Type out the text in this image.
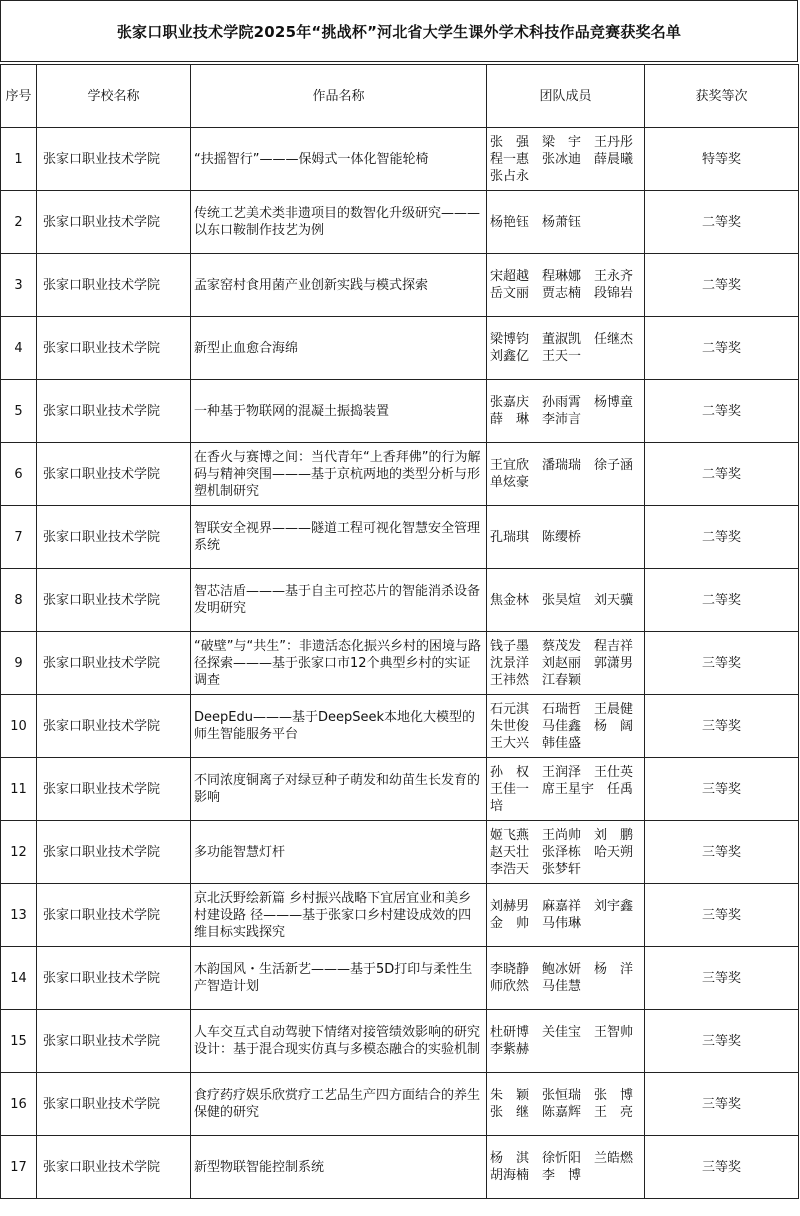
张家口职业技术学院2025年“挑战杯”河北省大学生课外学术科技作品竞赛获奖名单
序号	学校名称	作品名称	团队成员	获奖等次
1	张家口职业技术学院	“扶摇智行”———保姆式一体化智能轮椅	张　强　梁　宇　王丹彤　程一惠　张冰迪　薛晨曦　张占永	特等奖
2	张家口职业技术学院	传统工艺美术类非遗项目的数智化升级研究———以东口鞍制作技艺为例	杨艳钰　杨萧钰	二等奖
3	张家口职业技术学院	孟家窑村食用菌产业创新实践与模式探索	宋超越　程琳娜　王永齐　岳文丽　贾志楠　段锦岩	二等奖
4	张家口职业技术学院	新型止血愈合海绵	梁博钧　董淑凯　任继杰　刘鑫亿　王天一	二等奖
5	张家口职业技术学院	一种基于物联网的混凝土振捣装置	张嘉庆　孙雨霄　杨博童　薛　琳　李沛言	二等奖
6	张家口职业技术学院	在香火与赛博之间：当代青年“上香拜佛”的行为解码与精神突围———基于京杭两地的类型分析与形塑机制研究	王宜欣　潘瑞瑞　徐子涵　单炫豪	二等奖
7	张家口职业技术学院	智联安全视界———隧道工程可视化智慧安全管理系统	孔瑞琪　陈缨桥	二等奖
8	张家口职业技术学院	智芯洁盾———基于自主可控芯片的智能消杀设备发明研究	焦金林　张昊煊　刘天骥	二等奖
9	张家口职业技术学院	“破壁”与“共生”：非遗活态化振兴乡村的困境与路径探索———基于张家口市12个典型乡村的实证调查	钱子墨　蔡茂发　程吉祥　沈景洋　刘赵丽　郭潇男　王祎然　江春颖	三等奖
10	张家口职业技术学院	DeepEdu———基于DeepSeek本地化大模型的师生智能服务平台	石元淇　石瑞哲　王晨健　朱世俊　马佳鑫　杨　阔　王大兴　韩佳盛	三等奖
11	张家口职业技术学院	不同浓度铜离子对绿豆种子萌发和幼苗生长发育的影响	孙　权　王润泽　王仕英　王佳一　席王星宇　任禹培	三等奖
12	张家口职业技术学院	多功能智慧灯杆	姬飞燕　王尚帅　刘　鹏　赵天壮　张泽栋　哈天朔　李浩天　张梦轩	三等奖
13	张家口职业技术学院	京北沃野绘新篇 乡村振兴战略下宜居宜业和美乡村建设路 径———基于张家口乡村建设成效的四维目标实践探究	刘赫男　麻嘉祥　刘宇鑫　金　帅　马伟琳	三等奖
14	张家口职业技术学院	木韵国风・生活新艺———基于5D打印与柔性生产智造计划	李晓静　鲍冰妍　杨　洋　师欣然　马佳慧	三等奖
15	张家口职业技术学院	人车交互式自动驾驶下情绪对接管绩效影响的研究设计：基于混合现实仿真与多模态融合的实验机制	杜研博　关佳宝　王智帅　李紫赫	三等奖
16	张家口职业技术学院	食疗药疗娱乐欣赏疗工艺品生产四方面结合的养生保健的研究	朱　颖　张恒瑞　张　博　张　继　陈嘉辉　王　亮	三等奖
17	张家口职业技术学院	新型物联智能控制系统	杨　淇　徐忻阳　兰皓燃　胡海楠　李　博	三等奖
